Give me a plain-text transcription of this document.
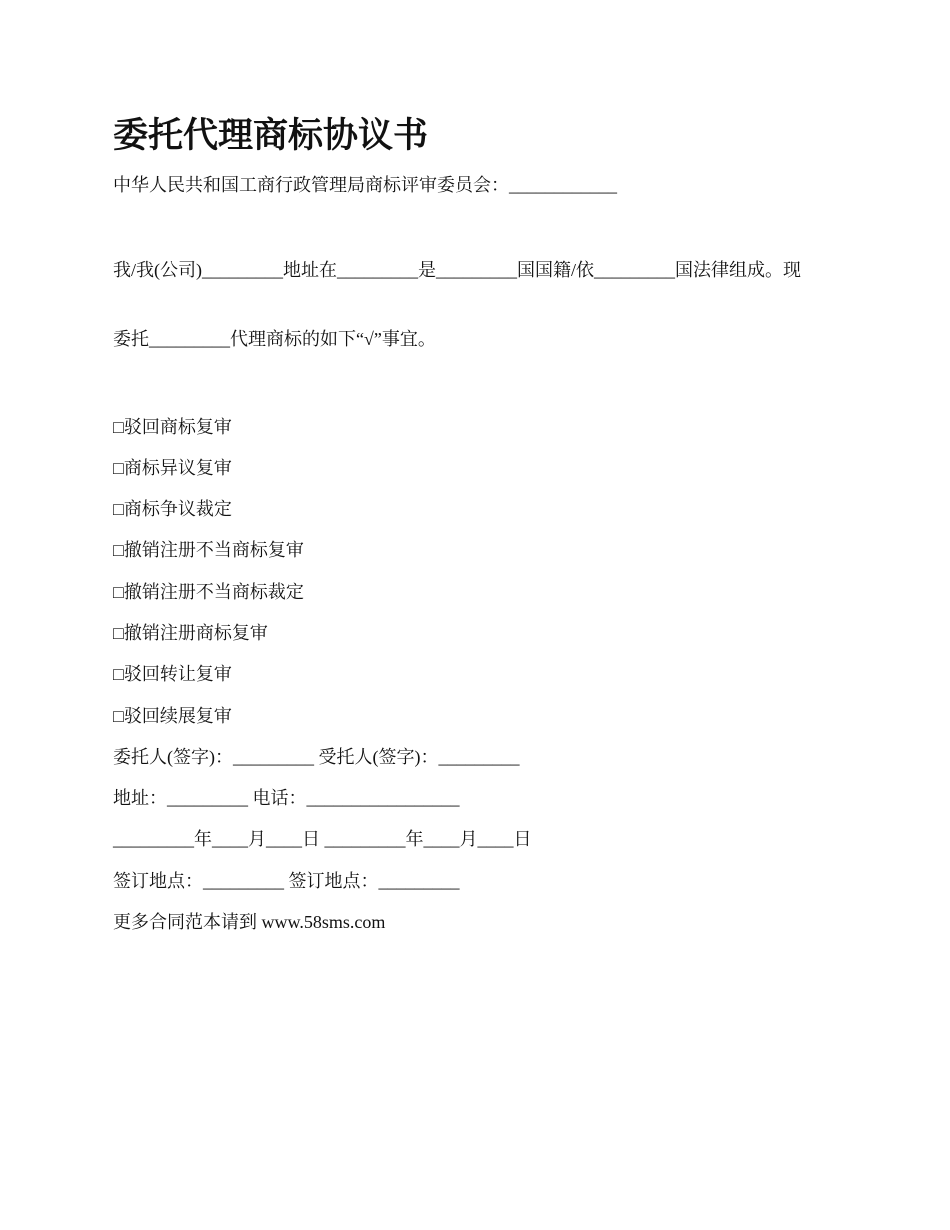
委托代理商标协议书
中华人民共和国工商行政管理局商标评审委员会：____________

我/我(公司)_________地址在_________是_________国国籍/依_________国法律组成。现

委托_________代理商标的如下“√”事宜。

□驳回商标复审
□商标异议复审
□商标争议裁定
□撤销注册不当商标复审
□撤销注册不当商标裁定
□撤销注册商标复审
□驳回转让复审
□驳回续展复审
委托人(签字)：_________ 受托人(签字)：_________
地址：_________ 电话：_________________
_________年____月____日 _________年____月____日
签订地点：_________ 签订地点：_________
更多合同范本请到 www.58sms.com
